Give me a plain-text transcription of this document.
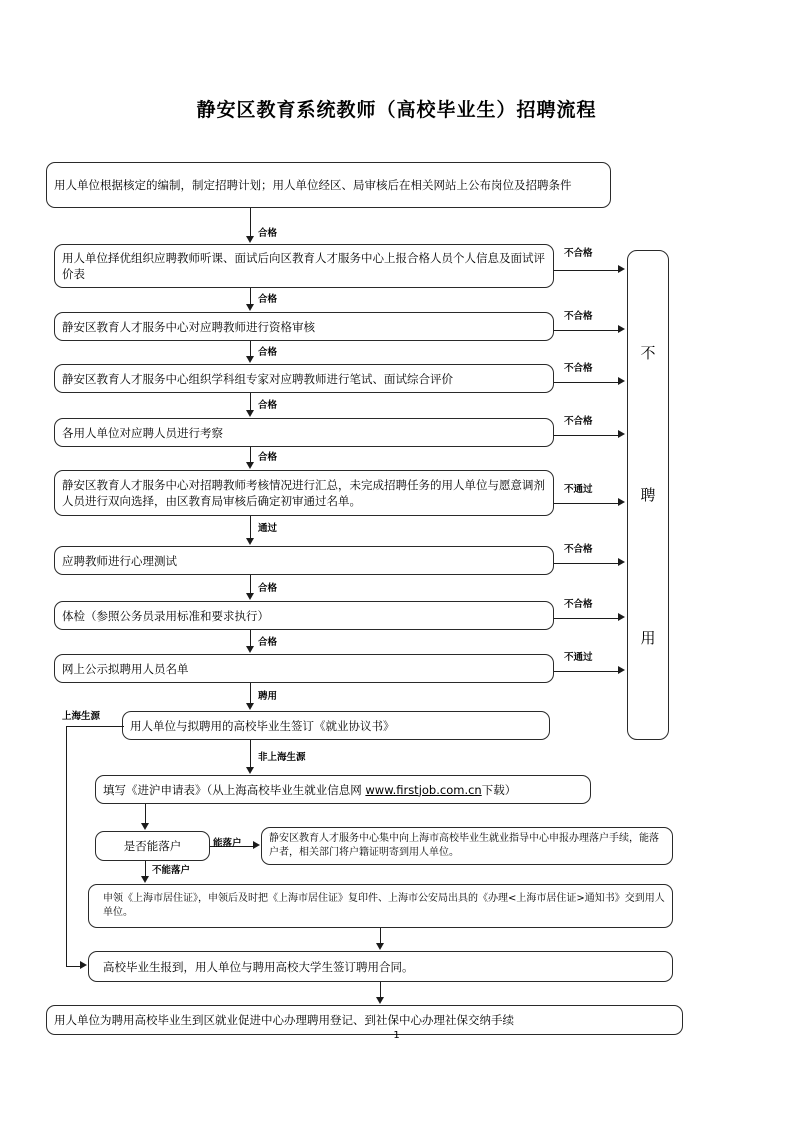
静安区教育系统教师（高校毕业生）招聘流程
不
聘
用
用人单位根据核定的编制，制定招聘计划；用人单位经区、局审核后在相关网站上公布岗位及招聘条件
用人单位择优组织应聘教师听课、面试后向区教育人才服务中心上报合格人员个人信息及面试评价表
静安区教育人才服务中心对应聘教师进行资格审核
静安区教育人才服务中心组织学科组专家对应聘教师进行笔试、面试综合评价
各用人单位对应聘人员进行考察
静安区教育人才服务中心对招聘教师考核情况进行汇总，未完成招聘任务的用人单位与愿意调剂人员进行双向选择，由区教育局审核后确定初审通过名单。
应聘教师进行心理测试
体检（参照公务员录用标准和要求执行）
网上公示拟聘用人员名单
用人单位与拟聘用的高校毕业生签订《就业协议书》
填写《进沪申请表》（从上海高校毕业生就业信息网 www.firstjob.com.cn下载）
是否能落户
静安区教育人才服务中心集中向上海市高校毕业生就业指导中心申报办理落户手续，能落户者，相关部门将户籍证明寄到用人单位。
申领《上海市居住证》，申领后及时把《上海市居住证》复印件、上海市公安局出具的《办理<上海市居住证>通知书》交到用人单位。
高校毕业生报到，用人单位与聘用高校大学生签订聘用合同。
用人单位为聘用高校毕业生到区就业促进中心办理聘用登记、到社保中心办理社保交纳手续
合格
合格
合格
合格
合格
通过
合格
合格
聘用
不合格
不合格
不合格
不合格
不通过
不合格
不合格
不通过
上海生源
非上海生源
能落户
不能落户
1
